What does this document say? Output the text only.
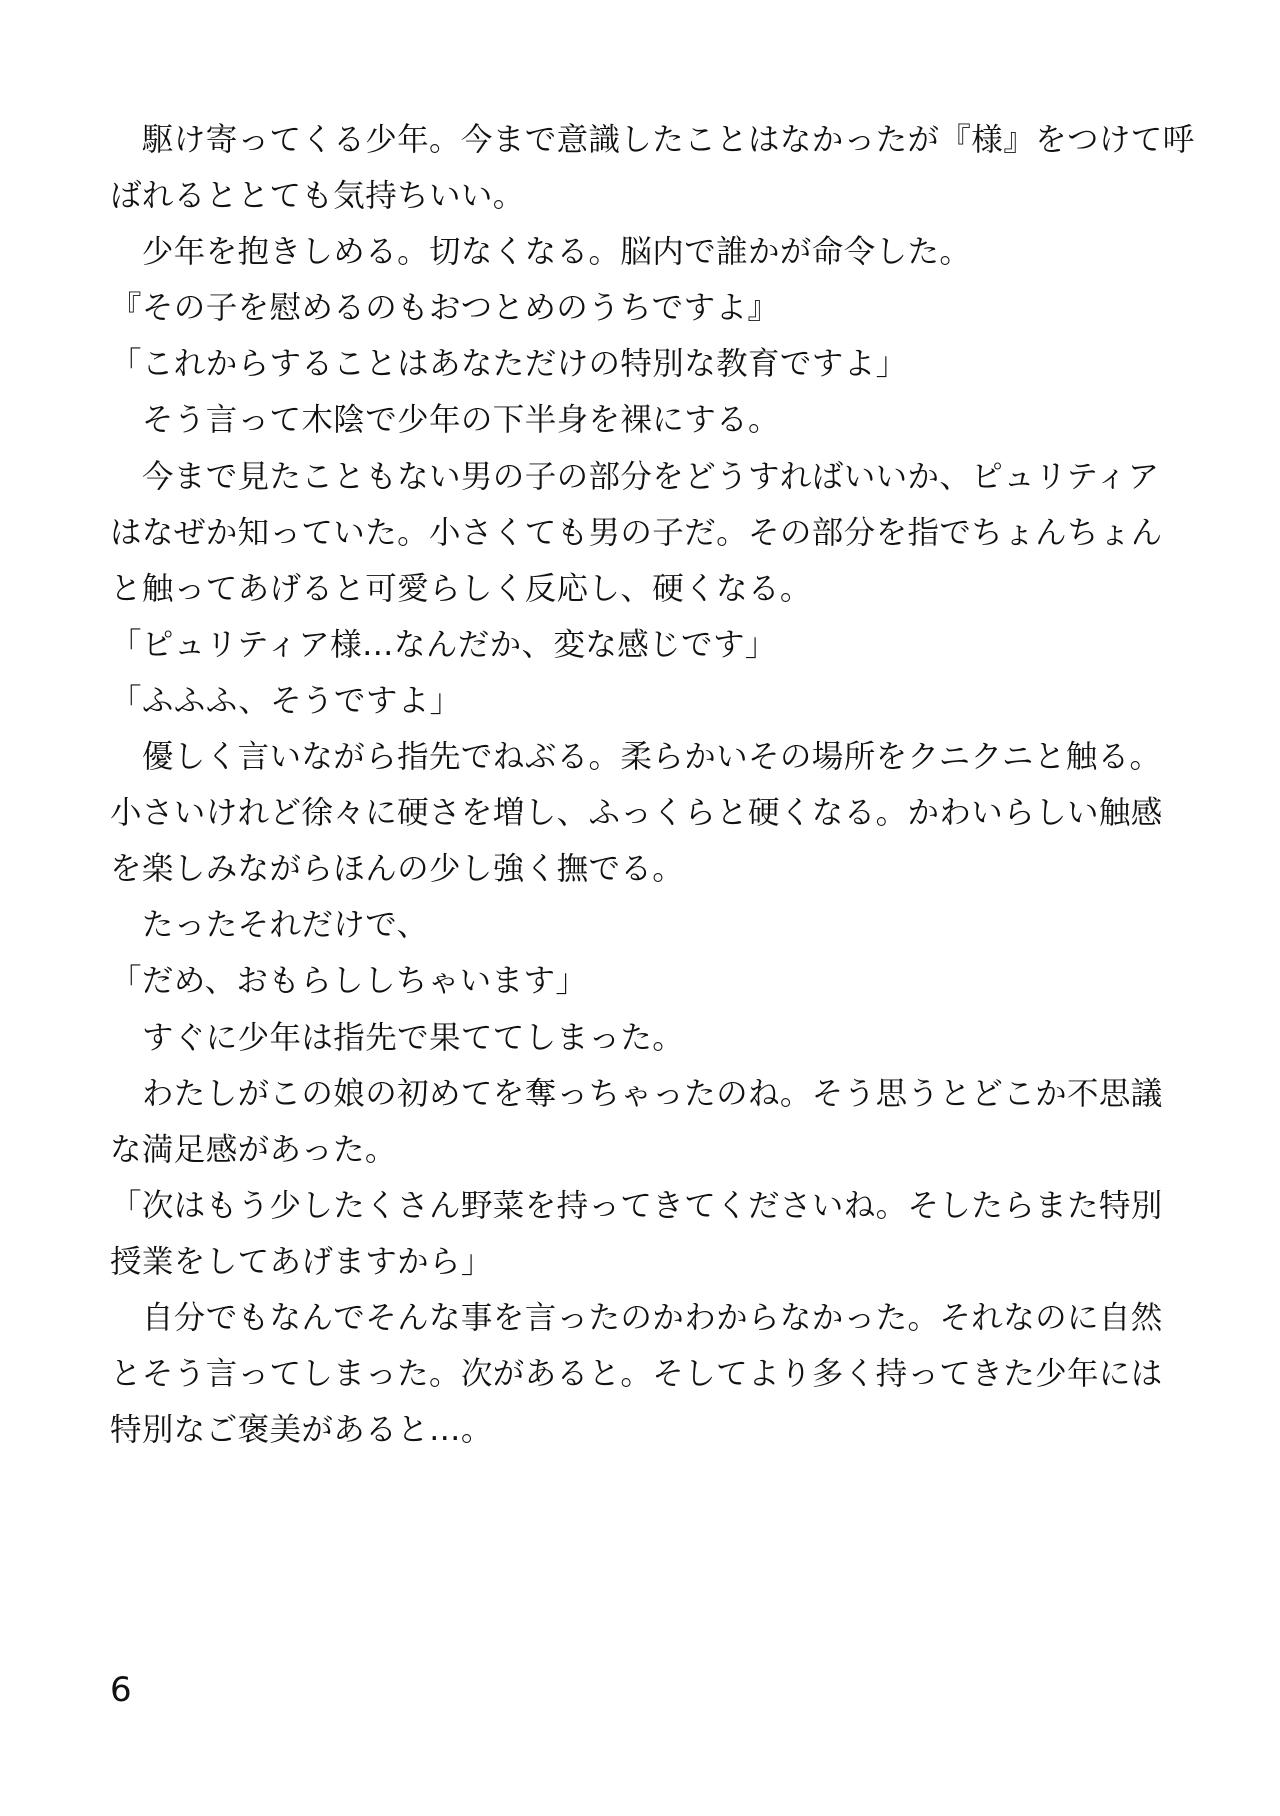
　駆け寄ってくる少年。今まで意識したことはなかったが『様』をつけて呼
ばれるととても気持ちいい。
　少年を抱きしめる。切なくなる。脳内で誰かが命令した。
『その子を慰めるのもおつとめのうちですよ』
「これからすることはあなただけの特別な教育ですよ」
　そう言って木陰で少年の下半身を裸にする。
　今まで見たこともない男の子の部分をどうすればいいか、ピュリティア
はなぜか知っていた。小さくても男の子だ。その部分を指でちょんちょん
と触ってあげると可愛らしく反応し、硬くなる。
「ピュリティア様…なんだか、変な感じです」
「ふふふ、そうですよ」
　優しく言いながら指先でねぶる。柔らかいその場所をクニクニと触る。
小さいけれど徐々に硬さを増し、ふっくらと硬くなる。かわいらしい触感
を楽しみながらほんの少し強く撫でる。
　たったそれだけで、
「だめ、おもらししちゃいます」
　すぐに少年は指先で果ててしまった。
　わたしがこの娘の初めてを奪っちゃったのね。そう思うとどこか不思議
な満足感があった。
「次はもう少したくさん野菜を持ってきてくださいね。そしたらまた特別
授業をしてあげますから」
　自分でもなんでそんな事を言ったのかわからなかった。それなのに自然
とそう言ってしまった。次があると。そしてより多く持ってきた少年には
特別なご褒美があると…。
6
